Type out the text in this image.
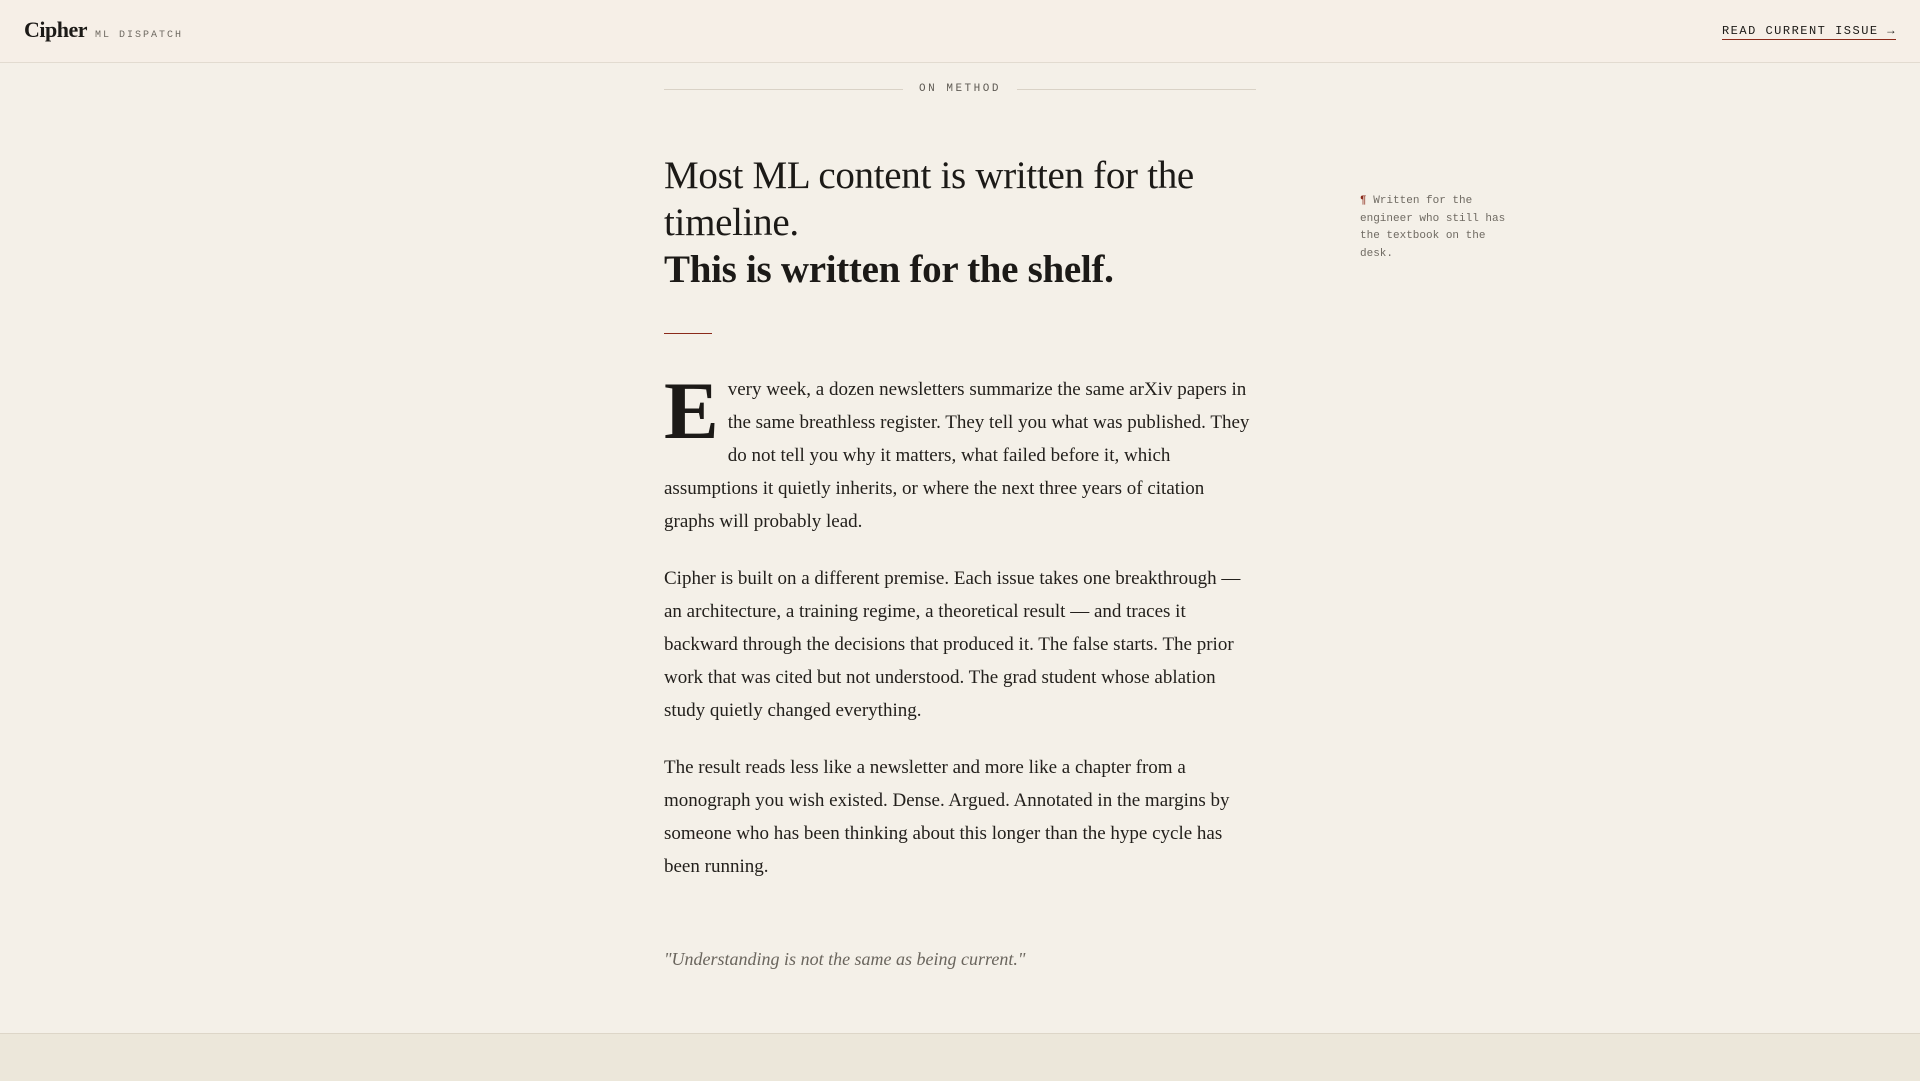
Cipher ML DISPATCH	READ CURRENT ISSUE →
ON METHOD
Most ML content is written for the timeline.
This is written for the shelf.

Every week, a dozen newsletters summarize the same arXiv papers in the same breathless register. They tell you what was published. They do not tell you why it matters, what failed before it, which assumptions it quietly inherits, or where the next three years of citation graphs will probably lead.

Cipher is built on a different premise. Each issue takes one breakthrough — an architecture, a training regime, a theoretical result — and traces it backward through the decisions that produced it. The false starts. The prior work that was cited but not understood. The grad student whose ablation study quietly changed everything.

The result reads less like a newsletter and more like a chapter from a monograph you wish existed. Dense. Argued. Annotated in the margins by someone who has been thinking about this longer than the hype cycle has been running.

"Understanding is not the same as being current."
¶ Written for the engineer who still has the textbook on the desk.
